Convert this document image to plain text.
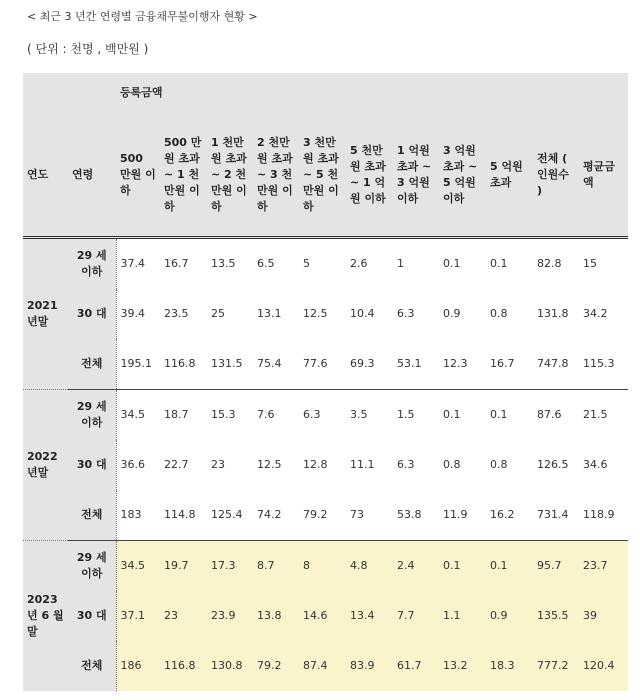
< 최근 3 년간 연령별 금융채무불이행자 현황 >
( 단위 : 천명 , 백만원 )
		등록금액										
연도	연령	500 만원 이하	500 만원 초과 ~ 1 천만원 이하	1 천만원 초과 ~ 2 천만원 이하	2 천만원 초과 ~ 3 천만원 이하	3 천만원 초과 ~ 5 천만원 이하	5 천만원 초과 ~ 1 억원 이하	1 억원 초과 ~ 3 억원 이하	3 억원 초과 ~ 5 억원 이하	5 억원 초과	전체 ( 인원수 )	평균금액
2021 년말	29 세 이하	37.4	16.7	13.5	6.5	5	2.6	1	0.1	0.1	82.8	15
	30 대	39.4	23.5	25	13.1	12.5	10.4	6.3	0.9	0.8	131.8	34.2
	전체	195.1	116.8	131.5	75.4	77.6	69.3	53.1	12.3	16.7	747.8	115.3
2022 년말	29 세 이하	34.5	18.7	15.3	7.6	6.3	3.5	1.5	0.1	0.1	87.6	21.5
	30 대	36.6	22.7	23	12.5	12.8	11.1	6.3	0.8	0.8	126.5	34.6
	전체	183	114.8	125.4	74.2	79.2	73	53.8	11.9	16.2	731.4	118.9
2023 년 6 월말	29 세 이하	34.5	19.7	17.3	8.7	8	4.8	2.4	0.1	0.1	95.7	23.7
	30 대	37.1	23	23.9	13.8	14.6	13.4	7.7	1.1	0.9	135.5	39
	전체	186	116.8	130.8	79.2	87.4	83.9	61.7	13.2	18.3	777.2	120.4
